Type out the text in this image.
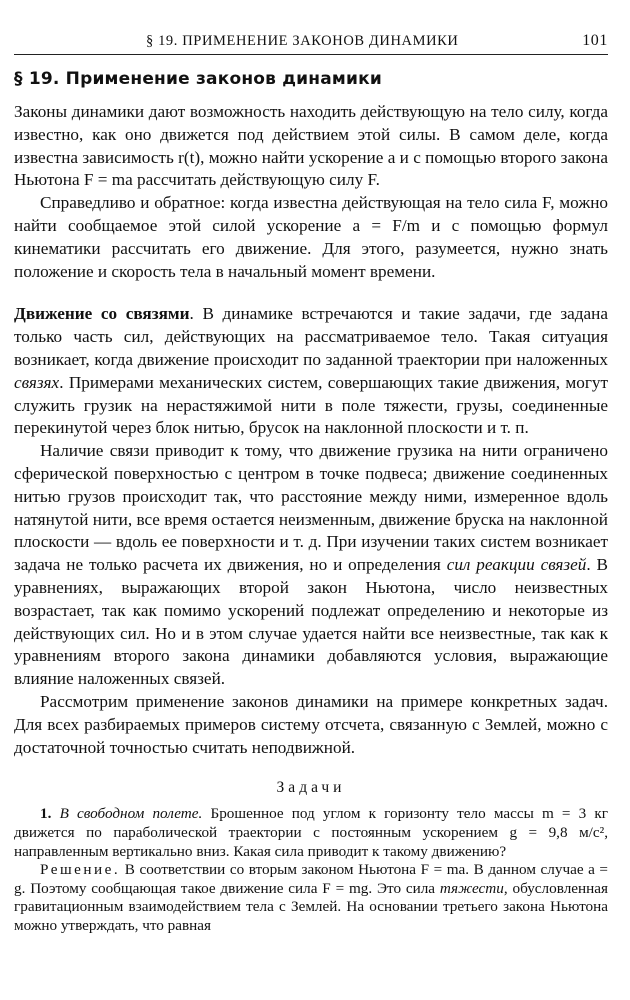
§ 19. ПРИМЕНЕНИЕ ЗАКОНОВ ДИНАМИКИ	101
§ 19. Применение законов динамики

Законы динамики дают возможность находить действующую на тело силу, когда известно, как оно движется под действием этой силы. В самом деле, когда известна зависимость r(t), можно найти ускорение a и с помощью второго закона Ньютона F = ma рассчитать действующую силу F.

Справедливо и обратное: когда известна действующая на тело сила F, можно найти сообщаемое этой силой ускорение a = F/m и с помощью формул кинематики рассчитать его движение. Для этого, разумеется, нужно знать положение и скорость тела в начальный момент времени.

Движение со связями. В динамике встречаются и такие задачи, где задана только часть сил, действующих на рассматриваемое тело. Такая ситуация возникает, когда движение происходит по заданной траектории при наложенных связях. Примерами механических систем, совершающих такие движения, могут служить грузик на нерастяжимой нити в поле тяжести, грузы, соединенные перекинутой через блок нитью, брусок на наклонной плоскости и т. п.

Наличие связи приводит к тому, что движение грузика на нити ограничено сферической поверхностью с центром в точке подвеса; движение соединенных нитью грузов происходит так, что расстояние между ними, измеренное вдоль натянутой нити, все время остается неизменным, движение бруска на наклонной плоскости — вдоль ее поверхности и т. д. При изучении таких систем возникает задача не только расчета их движения, но и определения сил реакции связей. В уравнениях, выражающих второй закон Ньютона, число неизвестных возрастает, так как помимо ускорений подлежат определению и некоторые из действующих сил. Но и в этом случае удается найти все неизвестные, так как к уравнениям второго закона динамики добавляются условия, выражающие влияние наложенных связей.

Рассмотрим применение законов динамики на примере конкретных задач. Для всех разбираемых примеров систему отсчета, связанную с Землей, можно с достаточной точностью считать неподвижной.

Задачи

1. В свободном полете. Брошенное под углом к горизонту тело массы m = 3 кг движется по параболической траектории с постоянным ускорением g = 9,8 м/с², направленным вертикально вниз. Какая сила приводит к такому движению?

Решение. В соответствии со вторым законом Ньютона F = ma. В данном случае a = g. Поэтому сообщающая такое движение сила F = mg. Это сила тяжести, обусловленная гравитационным взаимодействием тела с Землей. На основании третьего закона Ньютона можно утверждать, что равная
